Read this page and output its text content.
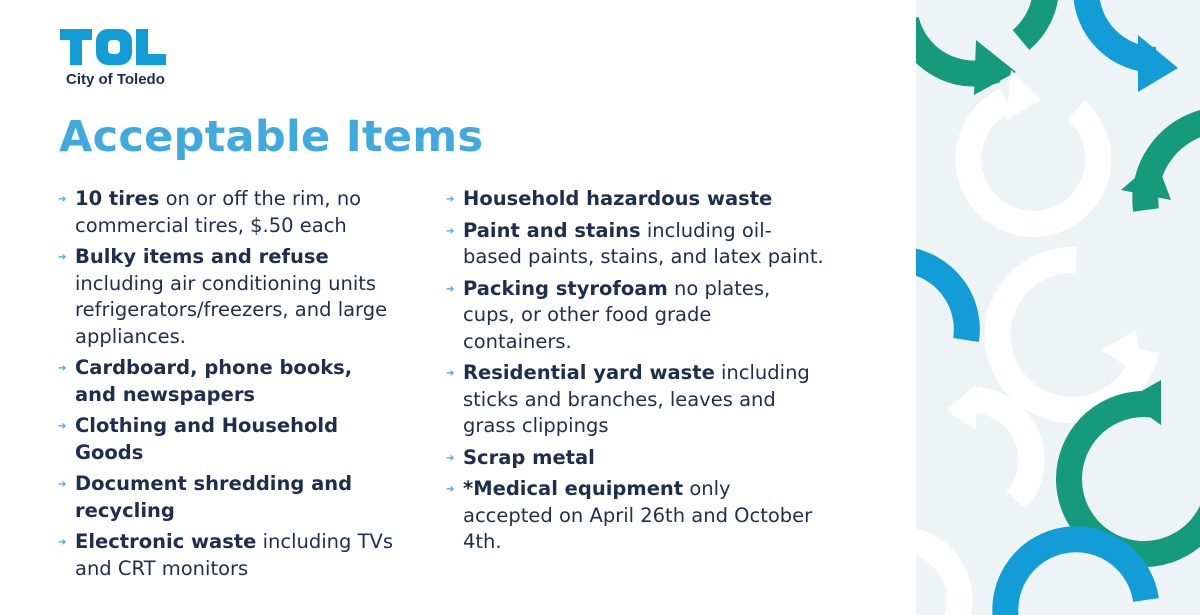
City of Toledo
Acceptable Items
➔ 10 tires on or off the rim, no commercial tires, $.50 each
➔ Bulky items and refuse including air conditioning units refrigerators/freezers, and large appliances.
➔ Cardboard, phone books, and newspapers
➔ Clothing and Household Goods
➔ Document shredding and recycling
➔ Electronic waste including TVs and CRT monitors
➔ Household hazardous waste
➔ Paint and stains including oil-based paints, stains, and latex paint.
➔ Packing styrofoam no plates, cups, or other food grade containers.
➔ Residential yard waste including sticks and branches, leaves and grass clippings
➔ Scrap metal
➔ *Medical equipment only accepted on April 26th and October 4th.
